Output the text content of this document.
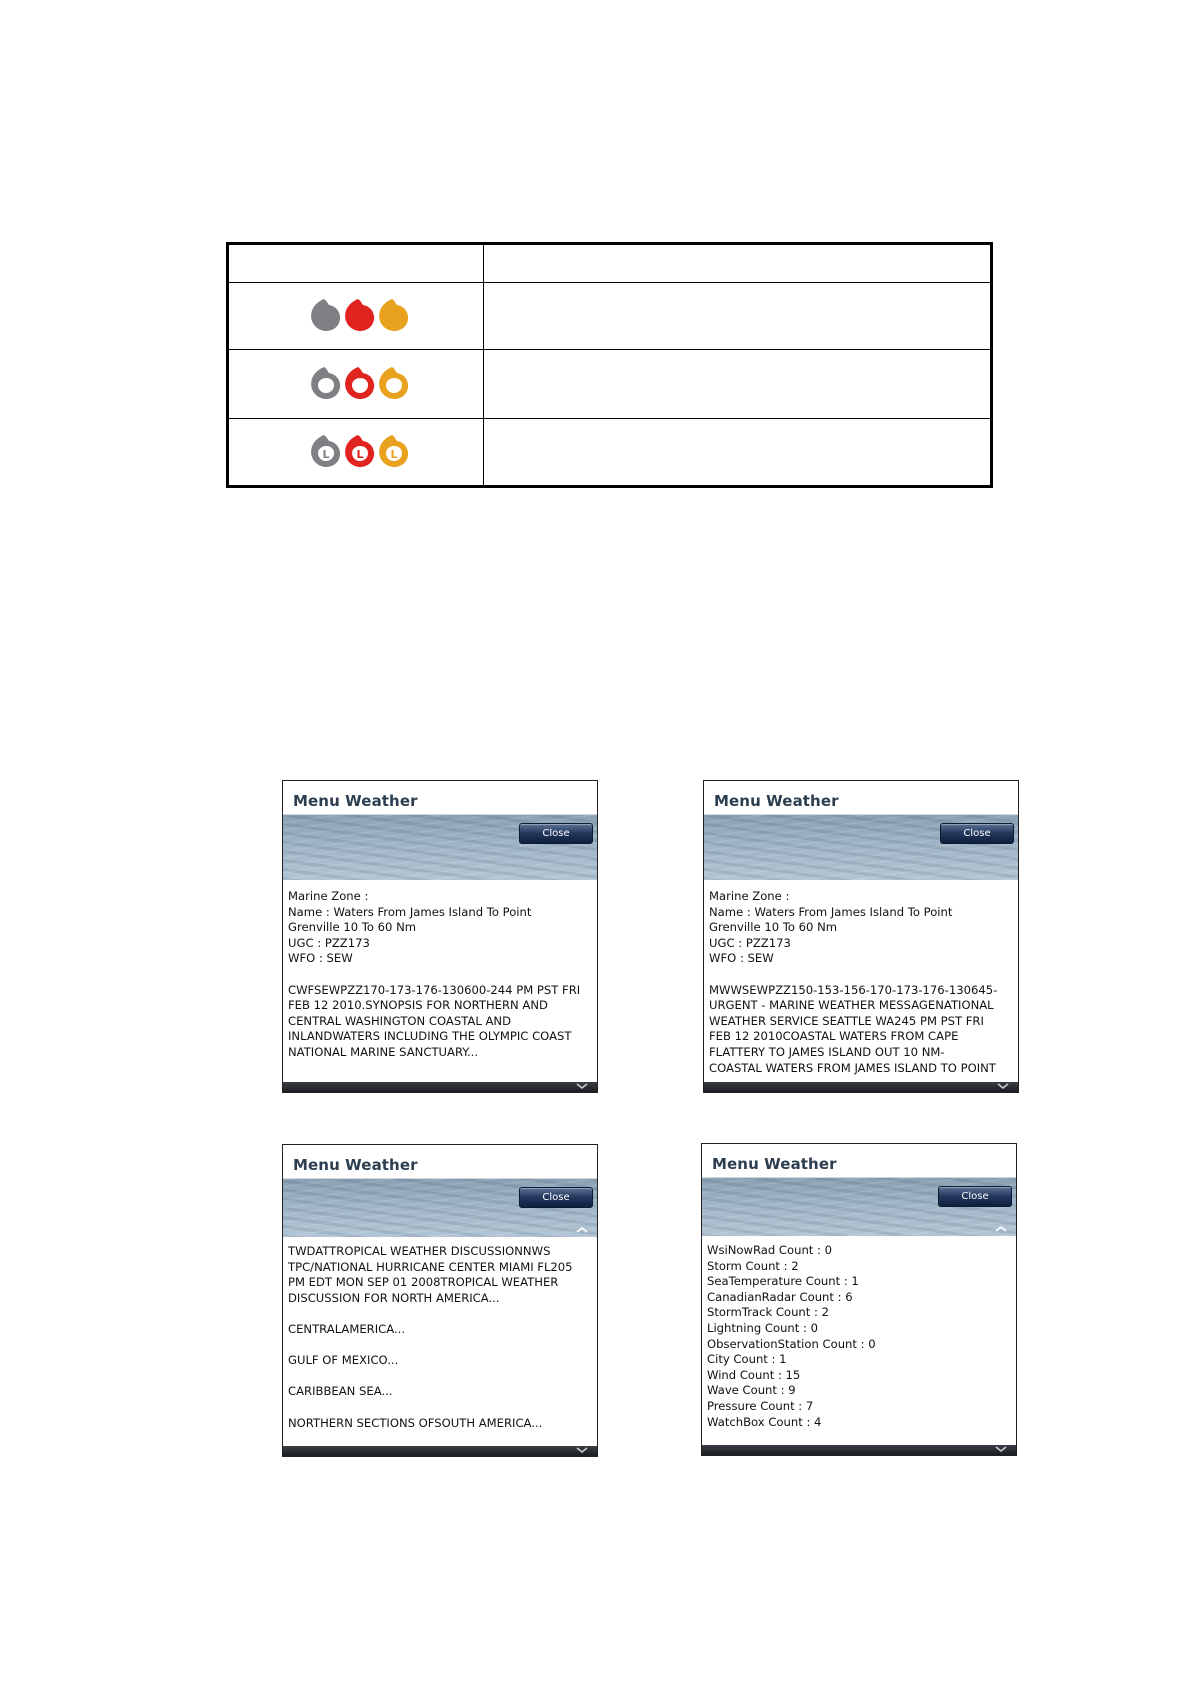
L L L	

Menu Weather
Close

Marine Zone :
Name : Waters From James Island To Point
Grenville 10 To 60 Nm
UGC : PZZ173
WFO : SEW

CWFSEWPZZ170-173-176-130600-244 PM PST FRI
FEB 12 2010.SYNOPSIS FOR NORTHERN AND
CENTRAL WASHINGTON COASTAL AND
INLANDWATERS INCLUDING THE OLYMPIC COAST
NATIONAL MARINE SANCTUARY...

Menu Weather
Close

Marine Zone :
Name : Waters From James Island To Point
Grenville 10 To 60 Nm
UGC : PZZ173
WFO : SEW

MWWSEWPZZ150-153-156-170-173-176-130645-
URGENT - MARINE WEATHER MESSAGENATIONAL
WEATHER SERVICE SEATTLE WA245 PM PST FRI
FEB 12 2010COASTAL WATERS FROM CAPE
FLATTERY TO JAMES ISLAND OUT 10 NM-
COASTAL WATERS FROM JAMES ISLAND TO POINT

Menu Weather
Close

TWDATTROPICAL WEATHER DISCUSSIONNWS
TPC/NATIONAL HURRICANE CENTER MIAMI FL205
PM EDT MON SEP 01 2008TROPICAL WEATHER
DISCUSSION FOR NORTH AMERICA...

CENTRALAMERICA...

GULF OF MEXICO...

CARIBBEAN SEA...

NORTHERN SECTIONS OFSOUTH AMERICA...

Menu Weather
Close

WsiNowRad Count : 0
Storm Count : 2
SeaTemperature Count : 1
CanadianRadar Count : 6
StormTrack Count : 2
Lightning Count : 0
ObservationStation Count : 0
City Count : 1
Wind Count : 15
Wave Count : 9
Pressure Count : 7
WatchBox Count : 4
